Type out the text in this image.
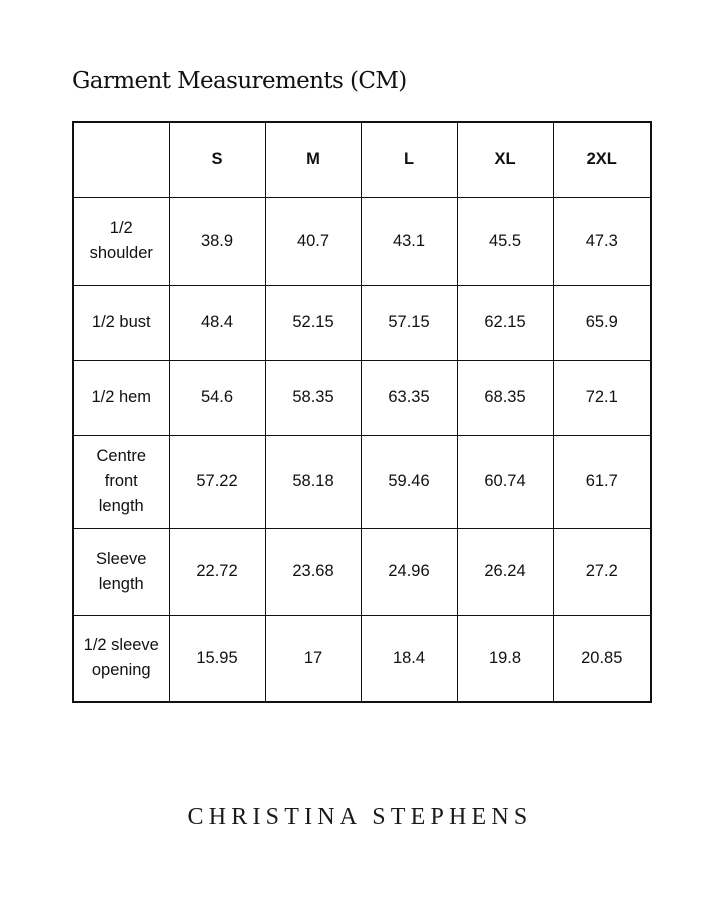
Garment Measurements (CM)
	S	M	L	XL	2XL
1/2 shoulder	38.9	40.7	43.1	45.5	47.3
1/2 bust	48.4	52.15	57.15	62.15	65.9
1/2 hem	54.6	58.35	63.35	68.35	72.1
Centre front length	57.22	58.18	59.46	60.74	61.7
Sleeve length	22.72	23.68	24.96	26.24	27.2
1/2 sleeve opening	15.95	17	18.4	19.8	20.85
CHRISTINA STEPHENS
